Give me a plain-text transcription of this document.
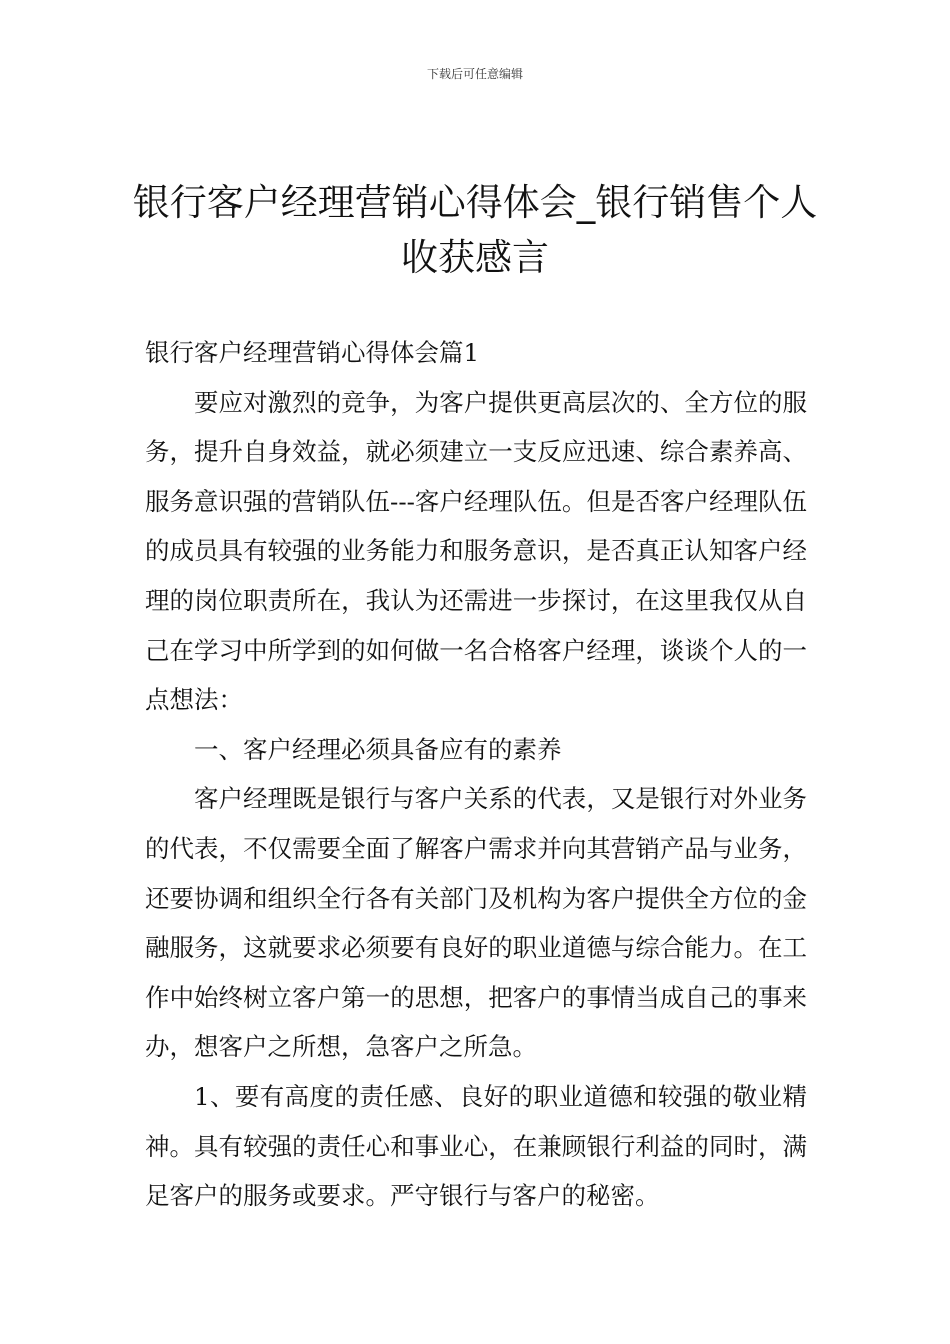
下载后可任意编辑
银行客户经理营销心得体会_银行销售个人收获感言

银行客户经理营销心得体会篇1

要应对激烈的竞争，为客户提供更高层次的、全方位的服务，提升自身效益，就必须建立一支反应迅速、综合素养高、服务意识强的营销队伍---客户经理队伍。但是否客户经理队伍的成员具有较强的业务能力和服务意识，是否真正认知客户经理的岗位职责所在，我认为还需进一步探讨，在这里我仅从自己在学习中所学到的如何做一名合格客户经理，谈谈个人的一点想法：

一、客户经理必须具备应有的素养

客户经理既是银行与客户关系的代表，又是银行对外业务的代表，不仅需要全面了解客户需求并向其营销产品与业务，还要协调和组织全行各有关部门及机构为客户提供全方位的金融服务，这就要求必须要有良好的职业道德与综合能力。在工作中始终树立客户第一的思想，把客户的事情当成自己的事来办，想客户之所想，急客户之所急。

1、要有高度的责任感、良好的职业道德和较强的敬业精神。具有较强的责任心和事业心，在兼顾银行利益的同时，满足客户的服务或要求。严守银行与客户的秘密。
